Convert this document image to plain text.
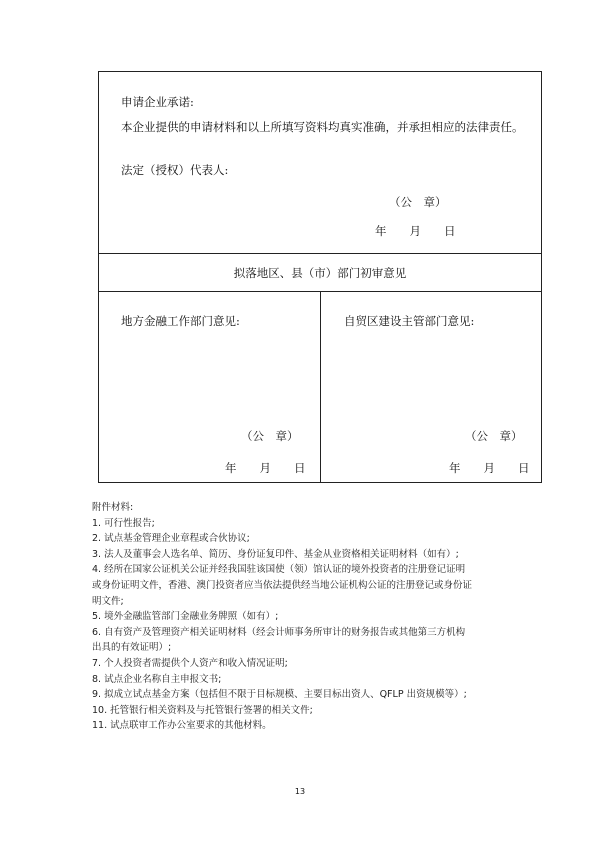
申请企业承诺:
本企业提供的申请材料和以上所填写资料均真实准确，并承担相应的法律责任。
法定（授权）代表人:
（公　章）
年　　月　　日
拟落地区、县（市）部门初审意见
地方金融工作部门意见:
（公　章）
年　　月　　日
自贸区建设主管部门意见:
（公　章）
年　　月　　日
附件材料:
1. 可行性报告;
2. 试点基金管理企业章程或合伙协议;
3. 法人及董事会人选名单、简历、身份证复印件、基金从业资格相关证明材料（如有）;
4. 经所在国家公证机关公证并经我国驻该国使（领）馆认证的境外投资者的注册登记证明
或身份证明文件，香港、澳门投资者应当依法提供经当地公证机构公证的注册登记或身份证
明文件;
5. 境外金融监管部门金融业务牌照（如有）;
6. 自有资产及管理资产相关证明材料（经会计师事务所审计的财务报告或其他第三方机构
出具的有效证明）;
7. 个人投资者需提供个人资产和收入情况证明;
8. 试点企业名称自主申报文书;
9. 拟成立试点基金方案（包括但不限于目标规模、主要目标出资人、QFLP 出资规模等）;
10. 托管银行相关资料及与托管银行签署的相关文件;
11. 试点联审工作办公室要求的其他材料。
13
